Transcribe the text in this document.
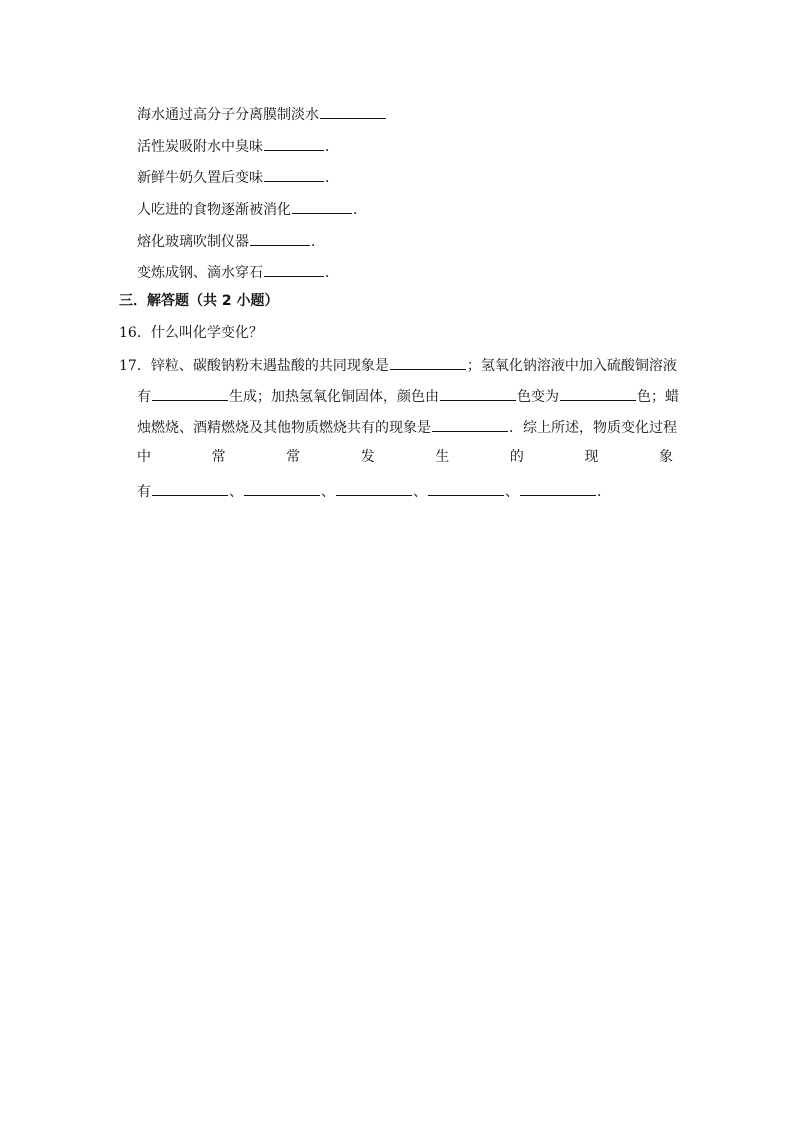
海水通过高分子分离膜制淡水
活性炭吸附水中臭味	．
新鲜牛奶久置后变味	．
人吃进的食物逐渐被消化	．
熔化玻璃吹制仪器	．
变炼成钢、滴水穿石	．
三．解答题（共 2 小题）
16．什么叫化学变化？
17．锌粒、碳酸钠粉末遇盐酸的共同现象是	；氢氧化钠溶液中加入硫酸铜溶液
有	生成；加热氢氧化铜固体，颜色由	色变为	色；蜡
烛燃烧、酒精燃烧及其他物质燃烧共有的现象是	．综上所述，物质变化过程
中	常	常	发	生	的	现	象
有	、	、	、	、	．
